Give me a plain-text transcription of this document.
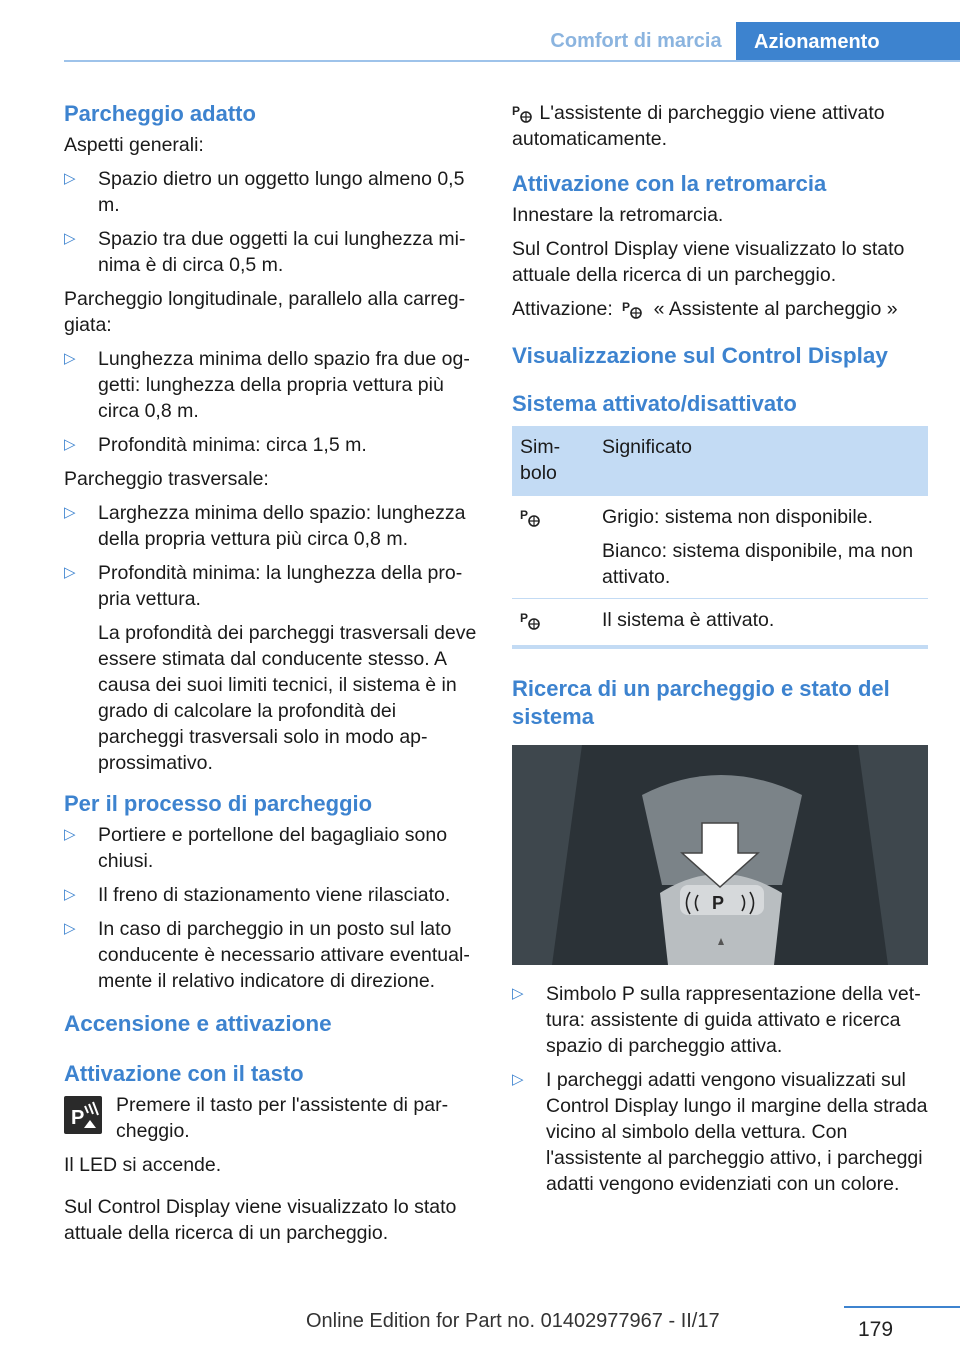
Comfort di marcia	Azionamento
Parcheggio adatto

Aspetti generali:

▷ Spazio dietro un oggetto lungo almeno 0,5 m.
▷ Spazio tra due oggetti la cui lunghezza minima è di circa 0,5 m.

Parcheggio longitudinale, parallelo alla carreggiata:

▷ Lunghezza minima dello spazio fra due oggetti: lunghezza della propria vettura più circa 0,8 m.
▷ Profondità minima: circa 1,5 m.

Parcheggio trasversale:

▷ Larghezza minima dello spazio: lunghezza della propria vettura più circa 0,8 m.
▷ Profondità minima: la lunghezza della propria vettura.
La profondità dei parcheggi trasversali deve essere stimata dal conducente stesso. A causa dei suoi limiti tecnici, il sistema è in grado di calcolare la profondità dei parcheggi trasversali solo in modo approssimativo.
Per il processo di parcheggio
▷ Portiere e portellone del bagagliaio sono chiusi.
▷ Il freno di stazionamento viene rilasciato.
▷ In caso di parcheggio in un posto sul lato conducente è necessario attivare eventualmente il relativo indicatore di direzione.
Accensione e attivazione
Attivazione con il tasto
P
Premere il tasto per l'assistente di parcheggio.

Il LED si accende.

Sul Control Display viene visualizzato lo stato attuale della ricerca di un parcheggio.

P L'assistente di parcheggio viene attivato automaticamente.

Attivazione con la retromarcia

Innestare la retromarcia.

Sul Control Display viene visualizzato lo stato attuale della ricerca di un parcheggio.

Attivazione: P « Assistente al parcheggio »

Visualizzazione sul Control Display
Sistema attivato/disattivato
Simbolo	Significato

P	Grigio: sistema non disponibile.
Bianco: sistema disponibile, ma non attivato.

P	Il sistema è attivato.
Ricerca di un parcheggio e stato del sistema
P
▷ Simbolo P sulla rappresentazione della vettura: assistente di guida attivato e ricerca spazio di parcheggio attiva.
▷ I parcheggi adatti vengono visualizzati sul Control Display lungo il margine della strada vicino al simbolo della vettura. Con l'assistente al parcheggio attivo, i parcheggi adatti vengono evidenziati con un colore.
179
Online Edition for Part no. 01402977967 - II/17
